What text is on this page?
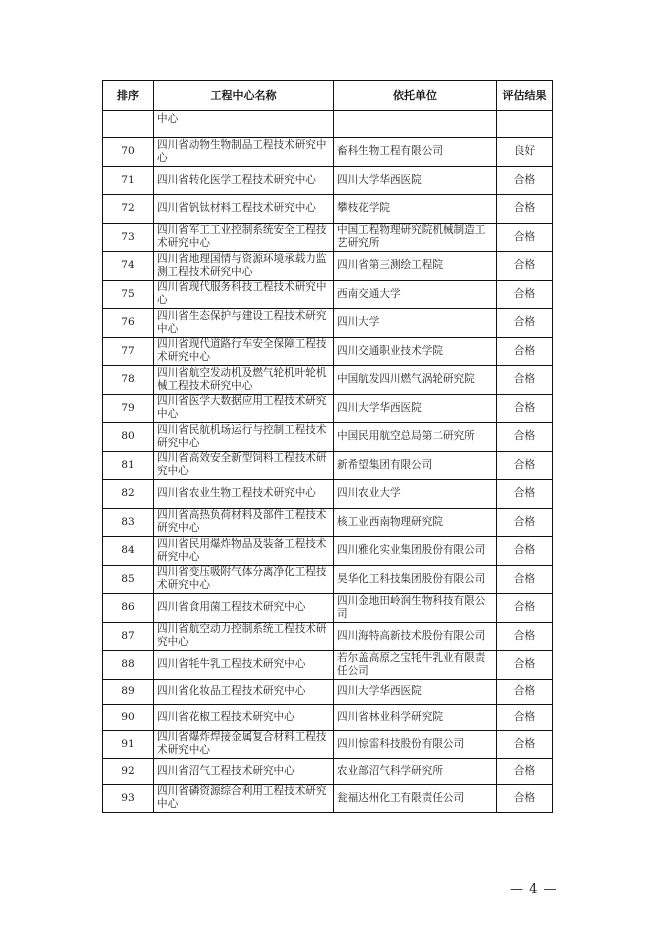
排序	工程中心名称	依托单位	评估结果
	中心		
70	四川省动物生物制品工程技术研究中心	畜科生物工程有限公司	良好
71	四川省转化医学工程技术研究中心	四川大学华西医院	合格
72	四川省钒钛材料工程技术研究中心	攀枝花学院	合格
73	四川省军工工业控制系统安全工程技术研究中心	中国工程物理研究院机械制造工艺研究所	合格
74	四川省地理国情与资源环境承载力监测工程技术研究中心	四川省第三测绘工程院	合格
75	四川省现代服务科技工程技术研究中心	西南交通大学	合格
76	四川省生态保护与建设工程技术研究中心	四川大学	合格
77	四川省现代道路行车安全保障工程技术研究中心	四川交通职业技术学院	合格
78	四川省航空发动机及燃气轮机叶轮机械工程技术研究中心	中国航发四川燃气涡轮研究院	合格
79	四川省医学大数据应用工程技术研究中心	四川大学华西医院	合格
80	四川省民航机场运行与控制工程技术研究中心	中国民用航空总局第二研究所	合格
81	四川省高效安全新型饲料工程技术研究中心	新希望集团有限公司	合格
82	四川省农业生物工程技术研究中心	四川农业大学	合格
83	四川省高热负荷材料及部件工程技术研究中心	核工业西南物理研究院	合格
84	四川省民用爆炸物品及装备工程技术研究中心	四川雅化实业集团股份有限公司	合格
85	四川省变压吸附气体分离净化工程技术研究中心	昊华化工科技集团股份有限公司	合格
86	四川省食用菌工程技术研究中心	四川金地田岭润生物科技有限公司	合格
87	四川省航空动力控制系统工程技术研究中心	四川海特高新技术股份有限公司	合格
88	四川省牦牛乳工程技术研究中心	若尔盖高原之宝牦牛乳业有限责任公司	合格
89	四川省化妆品工程技术研究中心	四川大学华西医院	合格
90	四川省花椒工程技术研究中心	四川省林业科学研究院	合格
91	四川省爆炸焊接金属复合材料工程技术研究中心	四川惊雷科技股份有限公司	合格
92	四川省沼气工程技术研究中心	农业部沼气科学研究所	合格
93	四川省磷资源综合利用工程技术研究中心	瓮福达州化工有限责任公司	合格
— 4 —
